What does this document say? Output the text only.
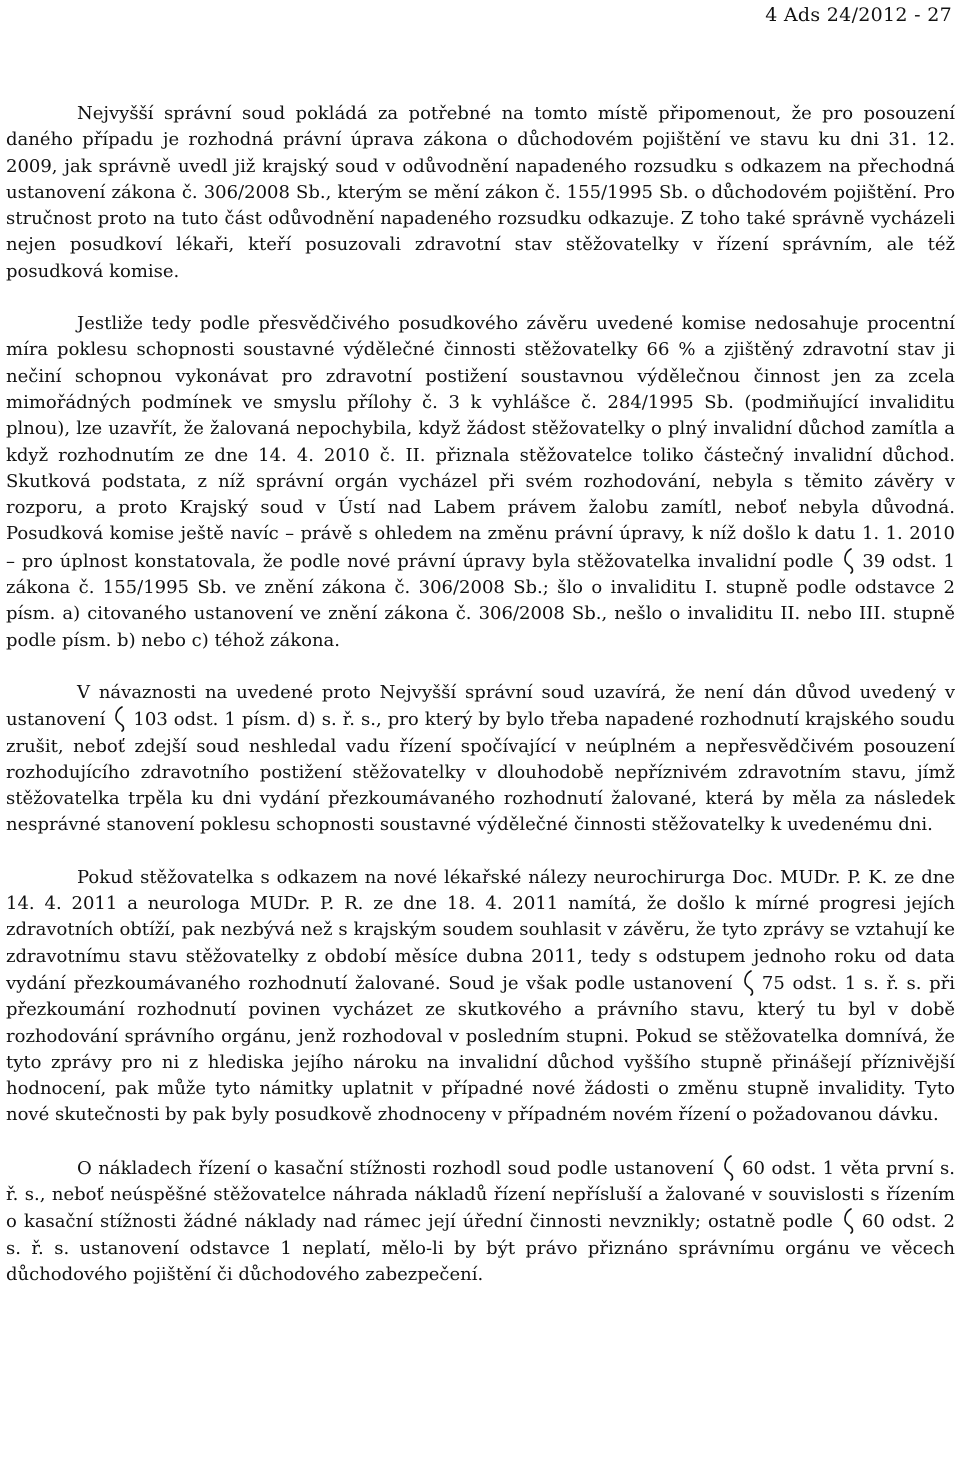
4 Ads 24/2012 - 27

Nejvyšší správní soud pokládá za potřebné na tomto místě připomenout, že pro posouzení daného případu je rozhodná právní úprava zákona o důchodovém pojištění ve stavu ku dni 31. 12. 2009, jak správně uvedl již krajský soud v odůvodnění napadeného rozsudku s odkazem na přechodná ustanovení zákona č. 306/2008 Sb., kterým se mění zákon č. 155/1995 Sb. o důchodovém pojištění. Pro stručnost proto na tuto část odůvodnění napadeného rozsudku odkazuje. Z toho také správně vycházeli nejen posudkoví lékaři, kteří posuzovali zdravotní stav stěžovatelky v řízení správním, ale též posudková komise.

Jestliže tedy podle přesvědčivého posudkového závěru uvedené komise nedosahuje procentní míra poklesu schopnosti soustavné výdělečné činnosti stěžovatelky 66 % a zjištěný zdravotní stav ji nečiní schopnou vykonávat pro zdravotní postižení soustavnou výdělečnou činnost jen za zcela mimořádných podmínek ve smyslu přílohy č. 3 k vyhlášce č. 284/1995 Sb. (podmiňující invaliditu plnou), lze uzavřít, že žalovaná nepochybila, když žádost stěžovatelky o plný invalidní důchod zamítla a když rozhodnutím ze dne 14. 4. 2010 č. II. přiznala stěžovatelce toliko částečný invalidní důchod. Skutková podstata, z níž správní orgán vycházel při svém rozhodování, nebyla s těmito závěry v rozporu, a proto Krajský soud v Ústí nad Labem právem žalobu zamítl, neboť nebyla důvodná. Posudková komise ještě navíc – právě s ohledem na změnu právní úpravy, k níž došlo k datu 1. 1. 2010 – pro úplnost konstatovala, že podle nové právní úpravy byla stěžovatelka invalidní podle 39 odst. 1 zákona č. 155/1995 Sb. ve znění zákona č. 306/2008 Sb.; šlo o invaliditu I. stupně podle odstavce 2 písm. a) citovaného ustanovení ve znění zákona č. 306/2008 Sb., nešlo o invaliditu II. nebo III. stupně podle písm. b) nebo c) téhož zákona.

V návaznosti na uvedené proto Nejvyšší správní soud uzavírá, že není dán důvod uvedený v ustanovení 103 odst. 1 písm. d) s. ř. s., pro který by bylo třeba napadené rozhodnutí krajského soudu zrušit, neboť zdejší soud neshledal vadu řízení spočívající v neúplném a nepřesvědčivém posouzení rozhodujícího zdravotního postižení stěžovatelky v dlouhodobě nepříznivém zdravotním stavu, jímž stěžovatelka trpěla ku dni vydání přezkoumávaného rozhodnutí žalované, která by měla za následek nesprávné stanovení poklesu schopnosti soustavné výdělečné činnosti stěžovatelky k uvedenému dni.

Pokud stěžovatelka s odkazem na nové lékařské nálezy neurochirurga Doc. MUDr. P. K. ze dne 14. 4. 2011 a neurologa MUDr. P. R. ze dne 18. 4. 2011 namítá, že došlo k mírné progresi jejích zdravotních obtíží, pak nezbývá než s krajským soudem souhlasit v závěru, že tyto zprávy se vztahují ke zdravotnímu stavu stěžovatelky z období měsíce dubna 2011, tedy s odstupem jednoho roku od data vydání přezkoumávaného rozhodnutí žalované. Soud je však podle ustanovení 75 odst. 1 s. ř. s. při přezkoumání rozhodnutí povinen vycházet ze skutkového a právního stavu, který tu byl v době rozhodování správního orgánu, jenž rozhodoval v posledním stupni. Pokud se stěžovatelka domnívá, že tyto zprávy pro ni z hlediska jejího nároku na invalidní důchod vyššího stupně přinášejí příznivější hodnocení, pak může tyto námitky uplatnit v případné nové žádosti o změnu stupně invalidity. Tyto nové skutečnosti by pak byly posudkově zhodnoceny v případném novém řízení o požadovanou dávku.

O nákladech řízení o kasační stížnosti rozhodl soud podle ustanovení 60 odst. 1 věta první s. ř. s., neboť neúspěšné stěžovatelce náhrada nákladů řízení nepřísluší a žalované v souvislosti s řízením o kasační stížnosti žádné náklady nad rámec její úřední činnosti nevznikly; ostatně podle 60 odst. 2 s. ř. s. ustanovení odstavce 1 neplatí, mělo-li by být právo přiznáno správnímu orgánu ve věcech důchodového pojištění či důchodového zabezpečení.
